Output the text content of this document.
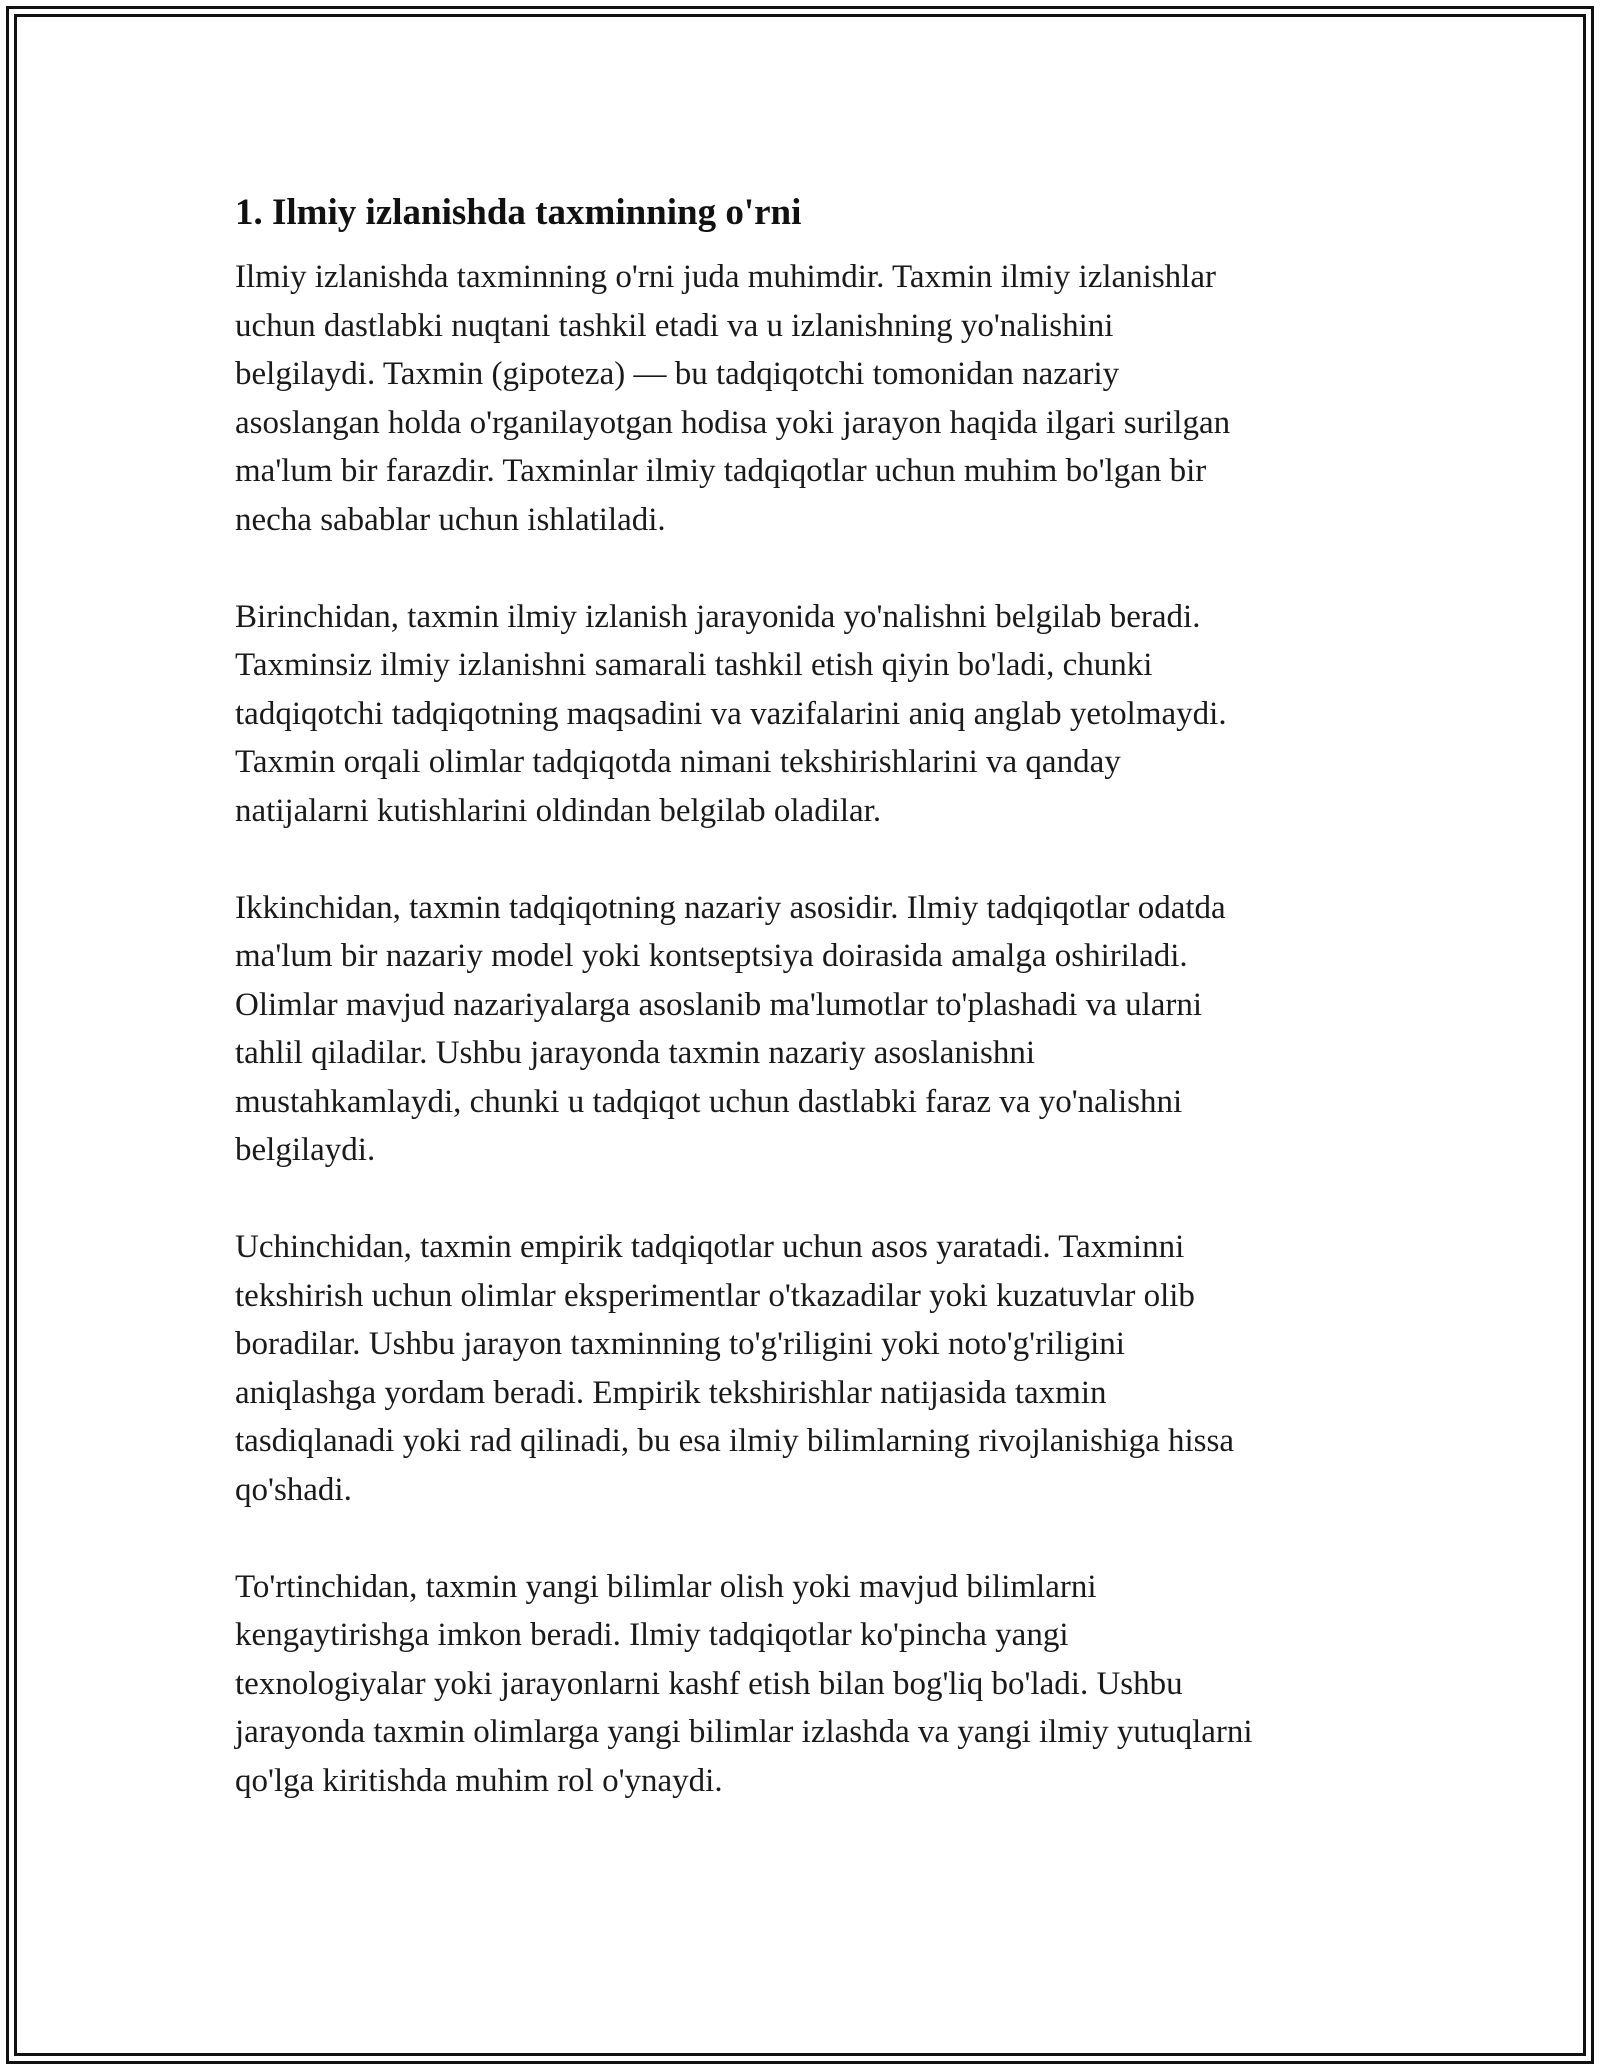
1. Ilmiy izlanishda taxminning o'rni

Ilmiy izlanishda taxminning o'rni juda muhimdir. Taxmin ilmiy izlanishlar
uchun dastlabki nuqtani tashkil etadi va u izlanishning yo'nalishini
belgilaydi. Taxmin (gipoteza) — bu tadqiqotchi tomonidan nazariy
asoslangan holda o'rganilayotgan hodisa yoki jarayon haqida ilgari surilgan
ma'lum bir farazdir. Taxminlar ilmiy tadqiqotlar uchun muhim bo'lgan bir
necha sabablar uchun ishlatiladi.

Birinchidan, taxmin ilmiy izlanish jarayonida yo'nalishni belgilab beradi.
Taxminsiz ilmiy izlanishni samarali tashkil etish qiyin bo'ladi, chunki
tadqiqotchi tadqiqotning maqsadini va vazifalarini aniq anglab yetolmaydi.
Taxmin orqali olimlar tadqiqotda nimani tekshirishlarini va qanday
natijalarni kutishlarini oldindan belgilab oladilar.

Ikkinchidan, taxmin tadqiqotning nazariy asosidir. Ilmiy tadqiqotlar odatda
ma'lum bir nazariy model yoki kontseptsiya doirasida amalga oshiriladi.
Olimlar mavjud nazariyalarga asoslanib ma'lumotlar to'plashadi va ularni
tahlil qiladilar. Ushbu jarayonda taxmin nazariy asoslanishni
mustahkamlaydi, chunki u tadqiqot uchun dastlabki faraz va yo'nalishni
belgilaydi.

Uchinchidan, taxmin empirik tadqiqotlar uchun asos yaratadi. Taxminni
tekshirish uchun olimlar eksperimentlar o'tkazadilar yoki kuzatuvlar olib
boradilar. Ushbu jarayon taxminning to'g'riligini yoki noto'g'riligini
aniqlashga yordam beradi. Empirik tekshirishlar natijasida taxmin
tasdiqlanadi yoki rad qilinadi, bu esa ilmiy bilimlarning rivojlanishiga hissa
qo'shadi.

To'rtinchidan, taxmin yangi bilimlar olish yoki mavjud bilimlarni
kengaytirishga imkon beradi. Ilmiy tadqiqotlar ko'pincha yangi
texnologiyalar yoki jarayonlarni kashf etish bilan bog'liq bo'ladi. Ushbu
jarayonda taxmin olimlarga yangi bilimlar izlashda va yangi ilmiy yutuqlarni
qo'lga kiritishda muhim rol o'ynaydi.
